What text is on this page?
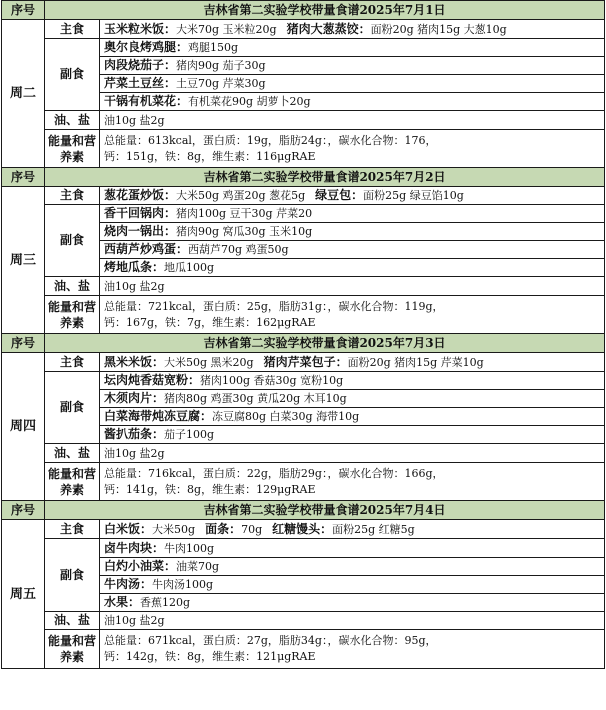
序号	吉林省第二实验学校带量食谱2025年7月1日	
周二	主食	玉米粒米饭：大米70g 玉米粒20g 猪肉大葱蒸饺：面粉20g 猪肉15g 大葱10g
	副食	奥尔良烤鸡腿：鸡腿150g
		肉段烧茄子：猪肉90g 茄子30g
		芹菜土豆丝：土豆70g 芹菜30g
		干锅有机菜花：有机菜花90g 胡萝卜20g
	油、盐	油10g 盐2g
	能量和营养素	总能量：613kcal，蛋白质：19g，脂肪24g：，碳水化合物：176，
钙：151g，铁：8g，维生素：116μgRAE

序号	吉林省第二实验学校带量食谱2025年7月2日	
周三	主食	葱花蛋炒饭：大米50g 鸡蛋20g 葱花5g 绿豆包：面粉25g 绿豆馅10g
	副食	香干回锅肉：猪肉100g 豆干30g 芹菜20
		烧肉一锅出：猪肉90g 窝瓜30g 玉米10g
		西葫芦炒鸡蛋：西葫芦70g 鸡蛋50g
		烤地瓜条：地瓜100g
	油、盐	油10g 盐2g
	能量和营养素	总能量：721kcal，蛋白质：25g，脂肪31g：，碳水化合物：119g，
钙：167g，铁：7g，维生素：162μgRAE

序号	吉林省第二实验学校带量食谱2025年7月3日	
周四	主食	黑米米饭：大米50g 黑米20g 猪肉芹菜包子：面粉20g 猪肉15g 芹菜10g
	副食	坛肉炖香菇宽粉：猪肉100g 香菇30g 宽粉10g
		木须肉片：猪肉80g 鸡蛋30g 黄瓜20g 木耳10g
		白菜海带炖冻豆腐：冻豆腐80g 白菜30g 海带10g
		酱扒茄条：茄子100g
	油、盐	油10g 盐2g
	能量和营养素	总能量：716kcal，蛋白质：22g，脂肪29g：，碳水化合物：166g，
钙：141g，铁：8g，维生素：129μgRAE

序号	吉林省第二实验学校带量食谱2025年7月4日	
周五	主食	白米饭：大米50g 面条：70g 红糖馒头：面粉25g 红糖5g
	副食	卤牛肉块：牛肉100g
		白灼小油菜：油菜70g
		牛肉汤：牛肉汤100g
		水果：香蕉120g
	油、盐	油10g 盐2g
	能量和营养素	总能量：671kcal，蛋白质：27g，脂肪34g：，碳水化合物：95g，
钙：142g，铁：8g，维生素：121μgRAE
